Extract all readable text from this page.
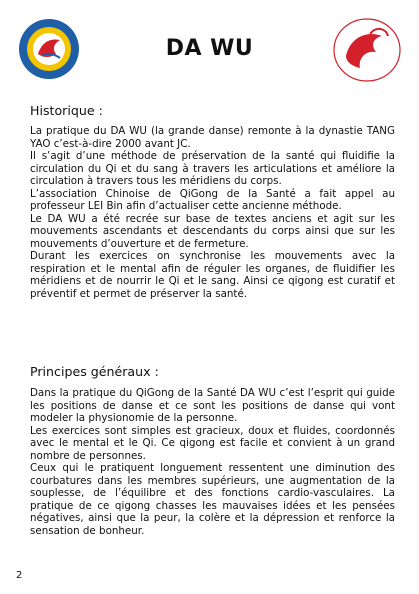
DA WU
Historique :

La pratique du DA WU (la grande danse) remonte à la dynastie TANG YAO c’est-à-dire 2000 avant JC.

Il s’agit d’une méthode de préservation de la santé qui fluidifie la circulation du Qi et du sang à travers les articulations et améliore la circulation à travers tous les méridiens du corps.

L’association Chinoise de QiGong de la Santé a fait appel au professeur LEI Bin afin d’actualiser cette ancienne méthode.

Le DA WU a été recrée sur base de textes anciens et agit sur les mouvements ascendants et descendants du corps ainsi que sur les mouvements d’ouverture et de fermeture.

Durant les exercices on synchronise les mouvements avec la respiration et le mental afin de réguler les organes, de fluidifier les méridiens et de nourrir le Qi et le sang. Ainsi ce qigong est curatif et préventif et permet de préserver la santé.

Principes généraux :

Dans la pratique du QiGong de la Santé DA WU c’est l’esprit qui guide les positions de danse et ce sont les positions de danse qui vont modeler la physionomie de la personne.

Les exercices sont simples est gracieux, doux et fluides, coordonnés avec le mental et le Qi. Ce qigong est facile et convient à un grand nombre de personnes.

Ceux qui le pratiquent longuement ressentent une diminution des courbatures dans les membres supérieurs, une augmentation de la souplesse, de l’équilibre et des fonctions cardio-vasculaires. La pratique de ce qigong chasses les mauvaises idées et les pensées négatives, ainsi que la peur, la colère et la dépression et renforce la sensation de bonheur.

2
